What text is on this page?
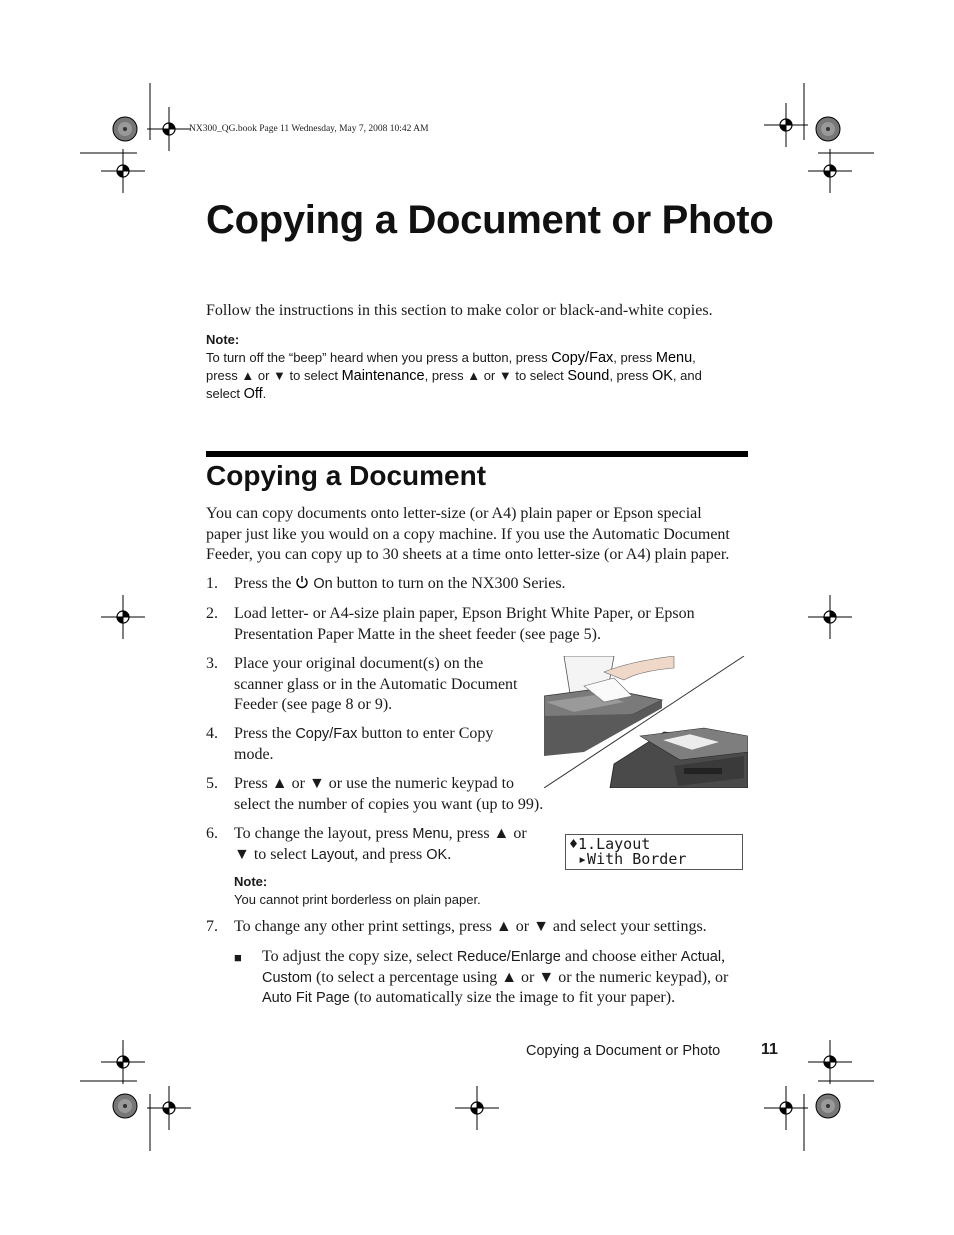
NX300_QG.book Page 11 Wednesday, May 7, 2008 10:42 AM
Copying a Document or Photo

Follow the instructions in this section to make color or black-and-white copies.

Note:

To turn off the “beep” heard when you press a button, press Copy/Fax, press Menu,
press ▲ or ▼ to select Maintenance, press ▲ or ▼ to select Sound, press OK, and
select Off.

Copying a Document

You can copy documents onto letter-size (or A4) plain paper or Epson special
paper just like you would on a copy machine. If you use the Automatic Document
Feeder, you can copy up to 30 sheets at a time onto letter-size (or A4) plain paper.

1.	Press the On button to turn on the NX300 Series.
2.	Load letter- or A4-size plain paper, Epson Bright White Paper, or Epson
Presentation Paper Matte in the sheet feeder (see page 5).
3.	Place your original document(s) on the
scanner glass or in the Automatic Document
Feeder (see page 8 or 9).
4.	Press the Copy/Fax button to enter Copy
mode.
5.	Press ▲ or ▼ or use the numeric keypad to
select the number of copies you want (up to 99).
6.	To change the layout, press Menu, press ▲ or
▼ to select Layout, and press OK.
♦1.Layout
▸With Border

Note:

You cannot print borderless on plain paper.

7.	To change any other print settings, press ▲ or ▼ and select your settings.
■ To adjust the copy size, select Reduce/Enlarge and choose either Actual,
Custom (to select a percentage using ▲ or ▼ or the numeric keypad), or
Auto Fit Page (to automatically size the image to fit your paper).
Copying a Document or Photo	11
